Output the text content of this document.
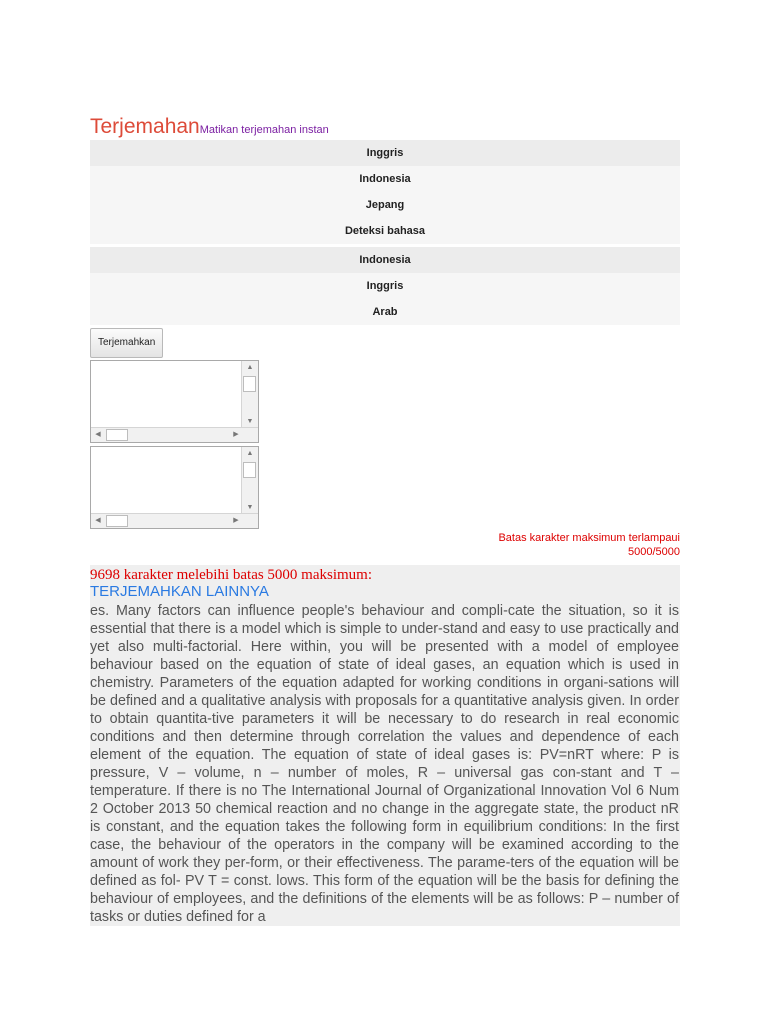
TerjemahanMatikan terjemahan instan
Inggris
Indonesia
Jepang
Deteksi bahasa
Indonesia
Inggris
Arab
Terjemahkan
▲
▼
◀	▶
▲
▼
◀	▶
Batas karakter maksimum terlampaui
5000/5000
9698 karakter melebihi batas 5000 maksimum:
TERJEMAHKAN LAINNYA

es. Many factors can influence people's behaviour and compli-cate the situation, so it is essential that there is a model which is simple to under-stand and easy to use practically and yet also multi-factorial. Here within, you will be presented with a model of employee behaviour based on the equation of state of ideal gases, an equation which is used in chemistry. Parameters of the equation adapted for working conditions in organi-sations will be defined and a qualitative analysis with proposals for a quantitative analysis given. In order to obtain quantita-tive parameters it will be necessary to do research in real economic conditions and then determine through correlation the values and dependence of each element of the equation. The equation of state of ideal gases is: PV=nRT where: P is pressure, V – volume, n – number of moles, R – universal gas con-stant and T – temperature. If there is no The International Journal of Organizational Innovation Vol 6 Num 2 October 2013 50 chemical reaction and no change in the aggregate state, the product nR is constant, and the equation takes the following form in equilibrium conditions: In the first case, the behaviour of the operators in the company will be examined according to the amount of work they per-form, or their effectiveness. The parame-ters of the equation will be defined as fol- PV T = const. lows. This form of the equation will be the basis for defining the behaviour of employees, and the definitions of the elements will be as follows: P – number of tasks or duties defined for a
